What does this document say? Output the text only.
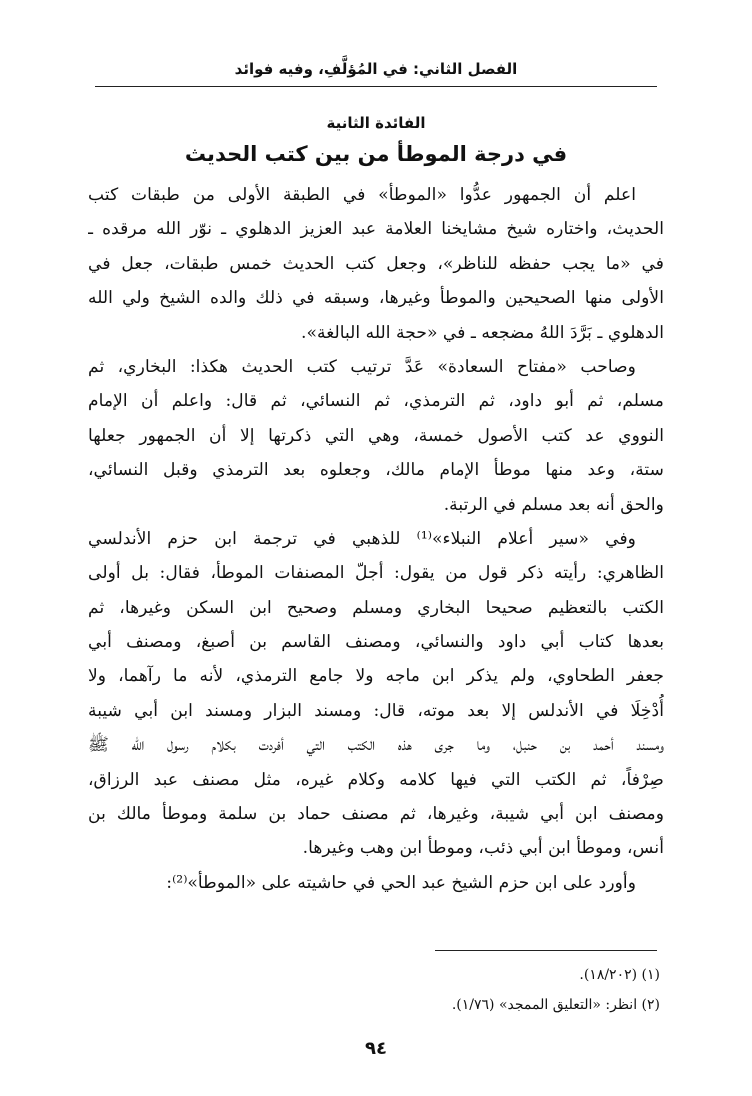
الفصل الثاني: في المُؤلَّفِ، وفيه فوائد
الفائدة الثانية
في درجة الموطأ من بين كتب الحديث
اعلم أن الجمهور عدُّوا «الموطأ» في الطبقة الأولى من طبقات كتب
الحديث، واختاره شيخ مشايخنا العلامة عبد العزيز الدهلوي ـ نوّر الله مرقده ـ
في «ما يجب حفظه للناظر»، وجعل كتب الحديث خمس طبقات، جعل في
الأولى منها الصحيحين والموطأ وغيرها، وسبقه في ذلك والده الشيخ ولي الله
الدهلوي ـ بَرَّدَ اللهُ مضجعه ـ في «حجة الله البالغة».
وصاحب «مفتاح السعادة» عَدَّ ترتيب كتب الحديث هكذا: البخاري، ثم
مسلم، ثم أبو داود، ثم الترمذي، ثم النسائي، ثم قال: واعلم أن الإمام
النووي عد كتب الأصول خمسة، وهي التي ذكرتها إلا أن الجمهور جعلها
ستة، وعد منها موطأ الإمام مالك، وجعلوه بعد الترمذي وقبل النسائي،
والحق أنه بعد مسلم في الرتبة.
وفي «سير أعلام النبلاء»⁽¹⁾ للذهبي في ترجمة ابن حزم الأندلسي
الظاهري: رأيته ذكر قول من يقول: أجلّ المصنفات الموطأ، فقال: بل أولى
الكتب بالتعظيم صحيحا البخاري ومسلم وصحيح ابن السكن وغيرها، ثم
بعدها كتاب أبي داود والنسائي، ومصنف القاسم بن أصبغ، ومصنف أبي
جعفر الطحاوي، ولم يذكر ابن ماجه ولا جامع الترمذي، لأنه ما رآهما، ولا
أُدْخِلَا في الأندلس إلا بعد موته، قال: ومسند البزار ومسند ابن أبي شيبة
ومسند أحمد بن حنبل، وما جرى هذه الكتب التي أفردت بكلام رسول الله ﷺ
صِرْفاً، ثم الكتب التي فيها كلامه وكلام غيره، مثل مصنف عبد الرزاق،
ومصنف ابن أبي شيبة، وغيرها، ثم مصنف حماد بن سلمة وموطأ مالك بن
أنس، وموطأ ابن أبي ذئب، وموطأ ابن وهب وغيرها.
وأورد على ابن حزم الشيخ عبد الحي في حاشيته على «الموطأ»⁽²⁾:
(١) (١٨/٢٠٢).
(٢) انظر: «التعليق الممجد» (١/٧٦).
٩٤
